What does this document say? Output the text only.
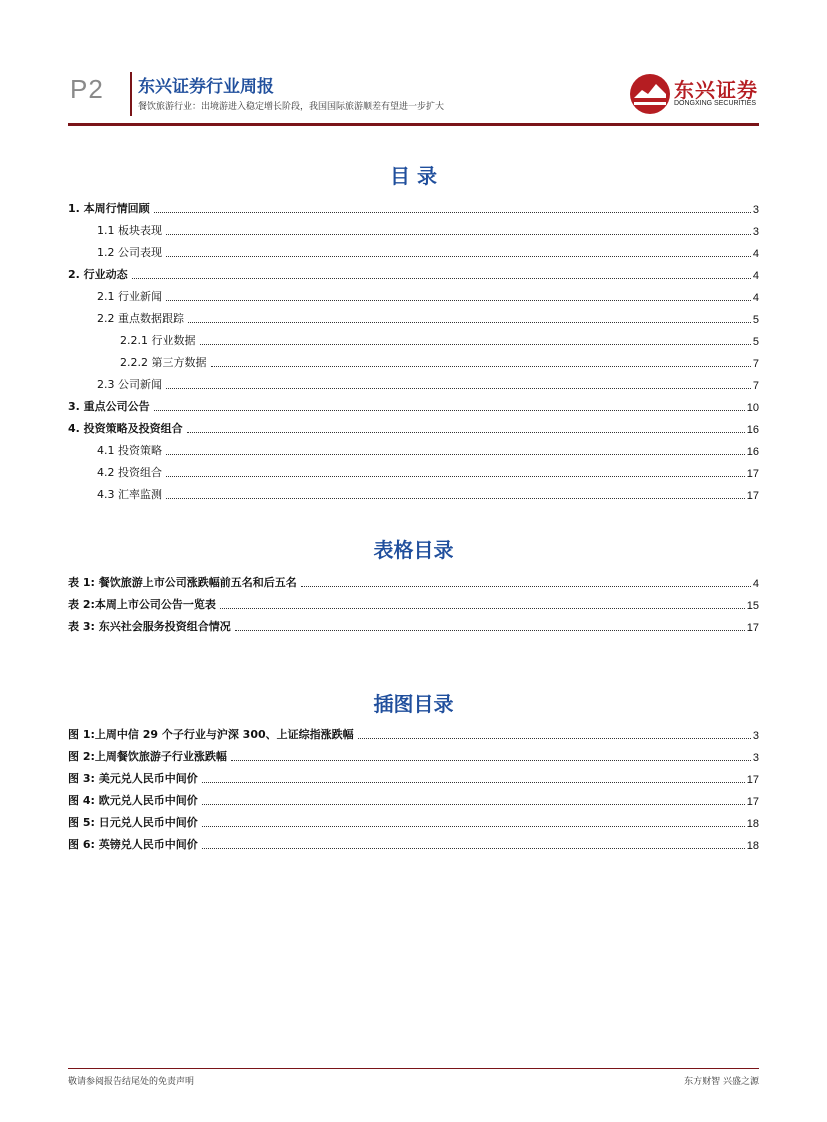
P2 东兴证券行业周报
餐饮旅游行业：出境游进入稳定增长阶段，我国国际旅游顺差有望进一步扩大
东兴证券
DONGXING SECURITIES
目 录
1. 本周行情回顾	3
1.1 板块表现	3
1.2 公司表现	4
2. 行业动态	4
2.1 行业新闻	4
2.2 重点数据跟踪	5
2.2.1 行业数据	5
2.2.2 第三方数据	7
2.3 公司新闻	7
3. 重点公司公告	10
4. 投资策略及投资组合	16
4.1 投资策略	16
4.2 投资组合	17
4.3 汇率监测	17
表格目录
表 1: 餐饮旅游上市公司涨跌幅前五名和后五名	4
表 2:本周上市公司公告一览表	15
表 3: 东兴社会服务投资组合情况	17
插图目录
图 1:上周中信 29 个子行业与沪深 300、上证综指涨跌幅	3
图 2:上周餐饮旅游子行业涨跌幅	3
图 3: 美元兑人民币中间价	17
图 4: 欧元兑人民币中间价	17
图 5: 日元兑人民币中间价	18
图 6: 英镑兑人民币中间价	18
敬请参阅报告结尾处的免责声明	东方财智 兴盛之源
